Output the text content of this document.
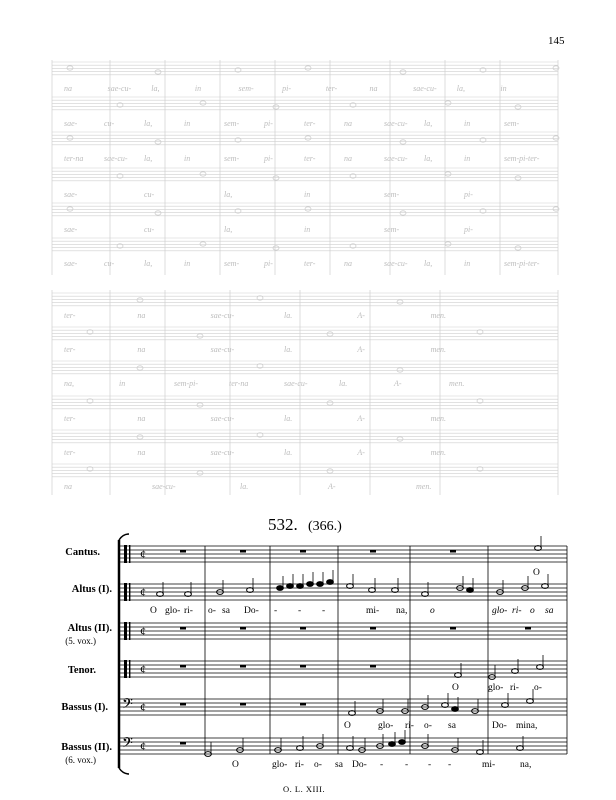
145
na	sae-cu-	la,	in	sem-	pi-	ter-	na	sae-cu-	la,	in
sae-	cu-	la,	in	sem-	pi-	ter-	na	sae-cu- la,	in	sem-
ter-na	sae-cu- la,	in	sem-	pi-	ter-	na	sae-cu- la,	in	sem-pi-ter-
sae-	cu-	la,	in	sem-	pi-
sae-	cu-	la,	in	sem-	pi-
sae-	cu-	la,	in	sem-	pi-	ter-	na	sae-cu- la,	in	sem-pi-ter-
ter-	na	sae-cu-	la.	A-	men.
ter-	na	sae-cu-	la.	A-	men.
na,	in	sem-pi-	ter-na	sae-cu-	la.	A-	men.
ter-	na	sae-cu-	la.	A-	men.
ter-	na	sae-cu-	la.	A-	men.
na	sae-cu-	la.	A-	men.
532. (366.)
Cantus.
Altus (I).
Altus (II).
(5. vox.)
Tenor.
Bassus (I).
Bassus (II).
(6. vox.)
¢
¢
¢
¢
𝄢 ¢
𝄢 ¢
O
O glo- ri- o- sa Do- - - -	mi- na, o	glo- ri- o sa
O	glo- ri- o-
O	glo- ri- o- sa	Do- mina,
O	glo- ri- o- sa Do- - - - -	mi-	na,
O. L. XIII.
